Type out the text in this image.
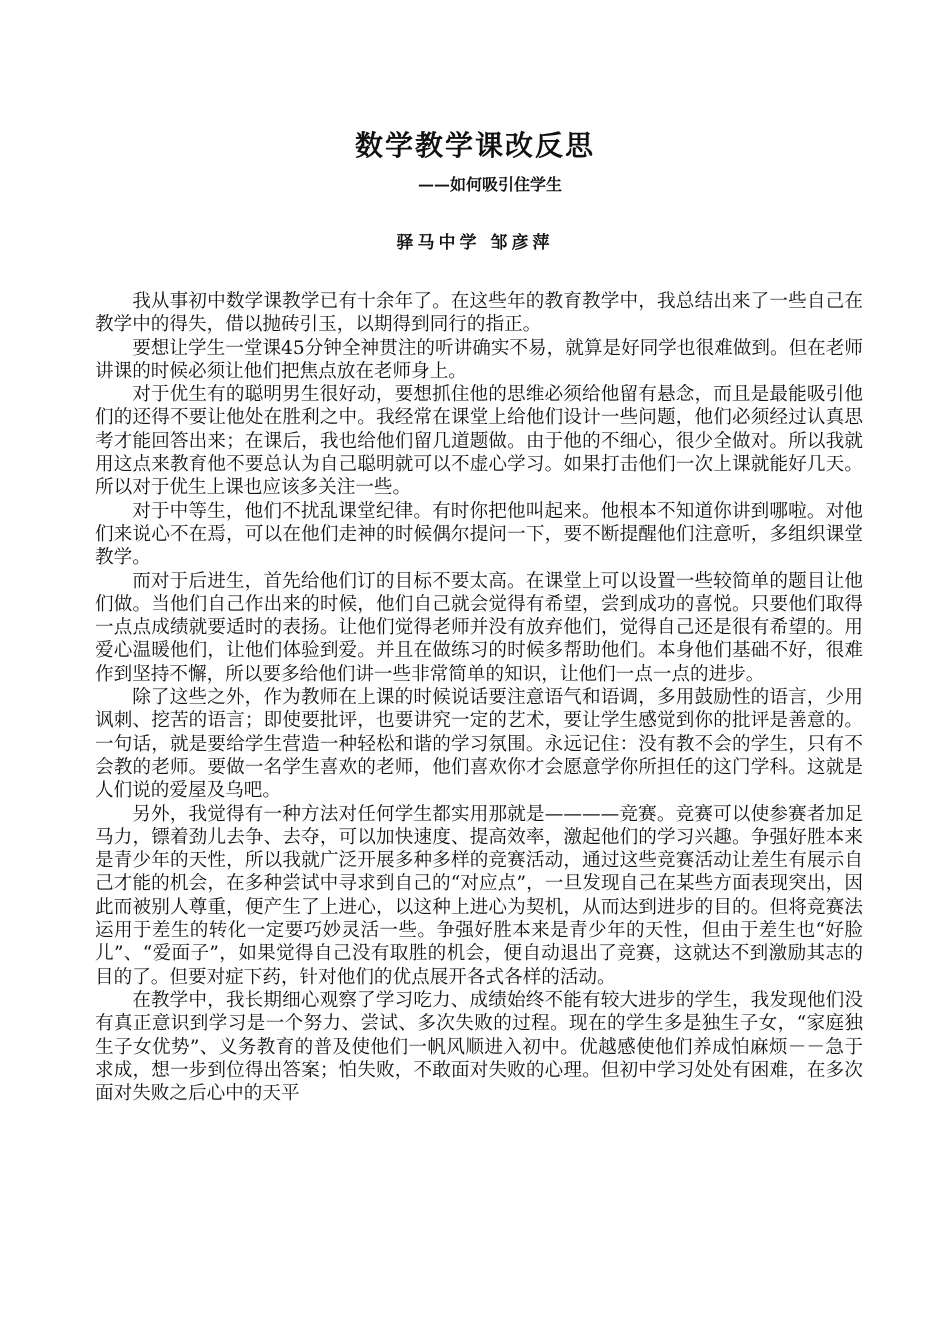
数学教学课改反思
——如何吸引住学生
驿马中学 邹彦萍

我从事初中数学课教学已有十余年了。在这些年的教育教学中，我总结出来了一些自己在教学中的得失，借以抛砖引玉，以期得到同行的指正。

要想让学生一堂课45分钟全神贯注的听讲确实不易，就算是好同学也很难做到。但在老师讲课的时候必须让他们把焦点放在老师身上。

对于优生有的聪明男生很好动，要想抓住他的思维必须给他留有悬念，而且是最能吸引他们的还得不要让他处在胜利之中。我经常在课堂上给他们设计一些问题，他们必须经过认真思考才能回答出来；在课后，我也给他们留几道题做。由于他的不细心，很少全做对。所以我就用这点来教育他不要总认为自己聪明就可以不虚心学习。如果打击他们一次上课就能好几天。所以对于优生上课也应该多关注一些。

对于中等生，他们不扰乱课堂纪律。有时你把他叫起来。他根本不知道你讲到哪啦。对他们来说心不在焉，可以在他们走神的时候偶尔提问一下，要不断提醒他们注意听，多组织课堂教学。

而对于后进生，首先给他们订的目标不要太高。在课堂上可以设置一些较简单的题目让他们做。当他们自己作出来的时候，他们自己就会觉得有希望，尝到成功的喜悦。只要他们取得一点点成绩就要适时的表扬。让他们觉得老师并没有放弃他们，觉得自己还是很有希望的。用爱心温暖他们，让他们体验到爱。并且在做练习的时候多帮助他们。本身他们基础不好，很难作到坚持不懈，所以要多给他们讲一些非常简单的知识，让他们一点一点的进步。

除了这些之外，作为教师在上课的时候说话要注意语气和语调，多用鼓励性的语言，少用讽刺、挖苦的语言；即使要批评，也要讲究一定的艺术，要让学生感觉到你的批评是善意的。一句话，就是要给学生营造一种轻松和谐的学习氛围。永远记住：没有教不会的学生，只有不会教的老师。要做一名学生喜欢的老师，他们喜欢你才会愿意学你所担任的这门学科。这就是人们说的爱屋及乌吧。

另外，我觉得有一种方法对任何学生都实用那就是————竞赛。竞赛可以使参赛者加足马力，镖着劲儿去争、去夺，可以加快速度、提高效率，激起他们的学习兴趣。争强好胜本来是青少年的天性，所以我就广泛开展多种多样的竞赛活动，通过这些竞赛活动让差生有展示自己才能的机会，在多种尝试中寻求到自己的“对应点”，一旦发现自己在某些方面表现突出，因此而被别人尊重，便产生了上进心，以这种上进心为契机，从而达到进步的目的。但将竞赛法运用于差生的转化一定要巧妙灵活一些。争强好胜本来是青少年的天性，但由于差生也“好脸儿”、“爱面子”，如果觉得自己没有取胜的机会，便自动退出了竞赛，这就达不到激励其志的目的了。但要对症下药，针对他们的优点展开各式各样的活动。

在教学中，我长期细心观察了学习吃力、成绩始终不能有较大进步的学生，我发现他们没有真正意识到学习是一个努力、尝试、多次失败的过程。现在的学生多是独生子女，“家庭独生子女优势”、义务教育的普及使他们一帆风顺进入初中。优越感使他们养成怕麻烦－－急于求成，想一步到位得出答案；怕失败，不敢面对失败的心理。但初中学习处处有困难，在多次面对失败之后心中的天平
